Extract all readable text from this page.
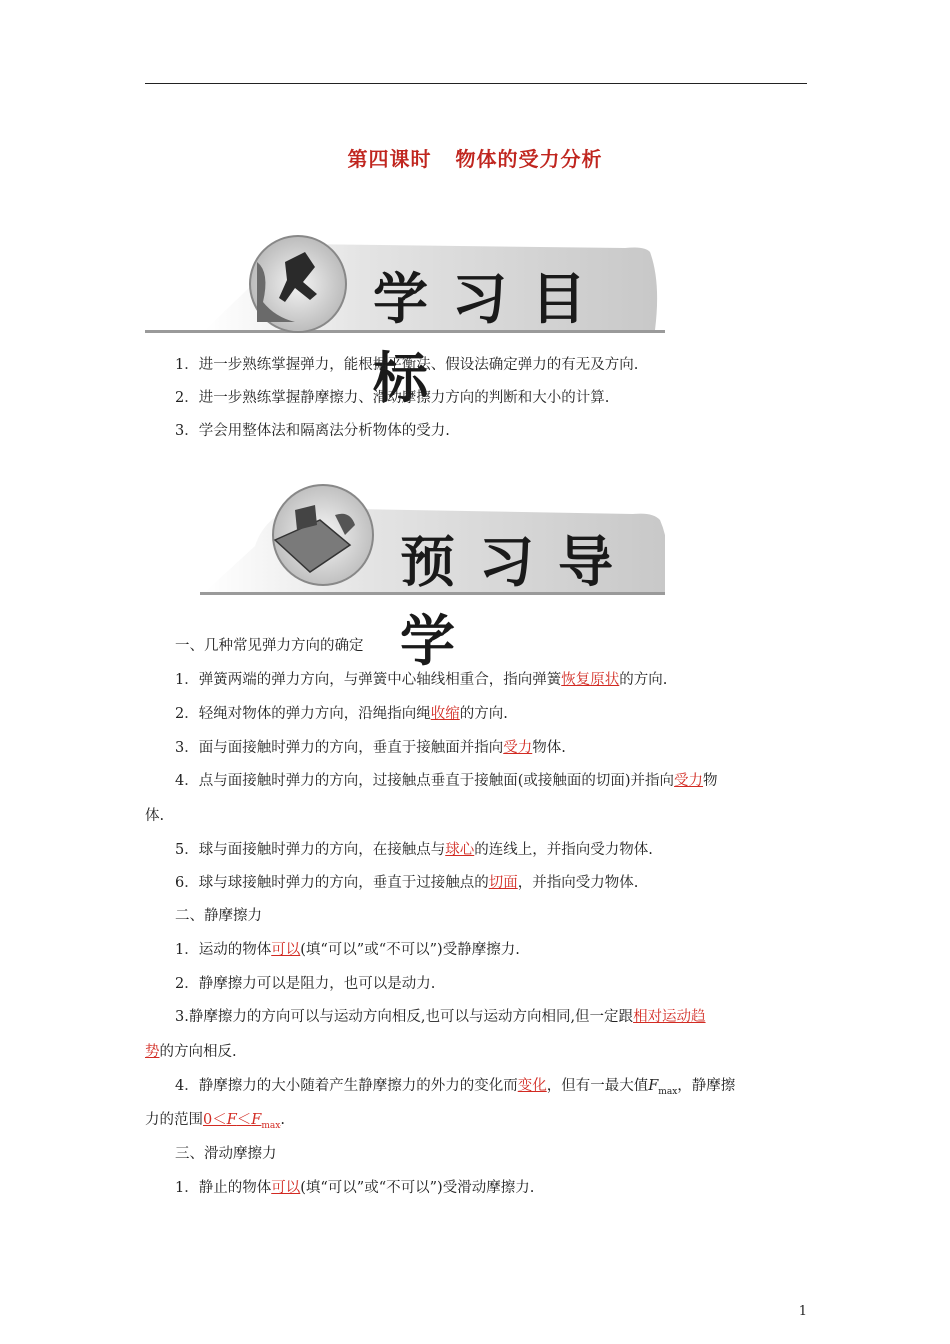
第四课时 物体的受力分析
学习目标
1．进一步熟练掌握弹力，能根据平衡法、假设法确定弹力的有无及方向.
2．进一步熟练掌握静摩擦力、滑动摩擦力方向的判断和大小的计算.
3．学会用整体法和隔离法分析物体的受力.
预习导学
一、几种常见弹力方向的确定
1．弹簧两端的弹力方向，与弹簧中心轴线相重合，指向弹簧恢复原状的方向.
2．轻绳对物体的弹力方向，沿绳指向绳收缩的方向.
3．面与面接触时弹力的方向，垂直于接触面并指向受力物体.
4．点与面接触时弹力的方向，过接触点垂直于接触面(或接触面的切面)并指向受力物
体.
5．球与面接触时弹力的方向，在接触点与球心的连线上，并指向受力物体.
6．球与球接触时弹力的方向，垂直于过接触点的切面，并指向受力物体.
二、静摩擦力
1．运动的物体可以(填“可以”或“不可以”)受静摩擦力.
2．静摩擦力可以是阻力，也可以是动力.
3.静摩擦力的方向可以与运动方向相反,也可以与运动方向相同,但一定跟相对运动趋
势的方向相反.
4．静摩擦力的大小随着产生静摩擦力的外力的变化而变化，但有一最大值$F_{max}$，静摩擦
力的范围$0<F<F_{max}$.
三、滑动摩擦力
1．静止的物体可以(填“可以”或“不可以”)受滑动摩擦力.
1
